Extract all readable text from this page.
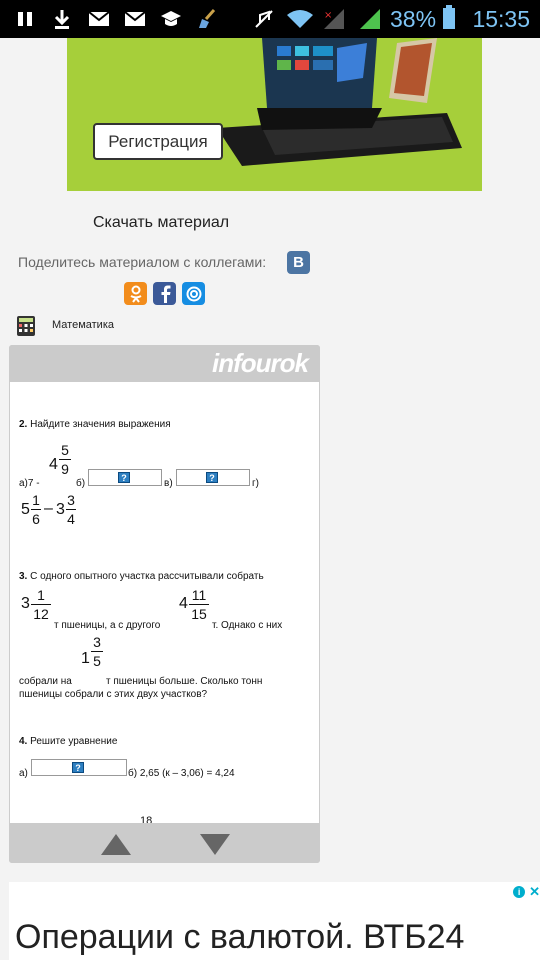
×	38% 15:35
Регистрация
Скачать материал
Поделитесь материалом с коллегами:	В
Математика
infourok
2. Найдите значения выражения
а)7 -
4
5
9
б)
?
в)
?
г)
5
1
6
– 3
3
4
3. С одного опытного участка рассчитывали собрать
3 1
12
т пшеницы, а с другого
4 11
15
т. Однако с них
собрали на
1
3
5
т пшеницы больше. Сколько тонн
пшеницы собрали с этих двух участков?
4. Решите уравнение
а)
?
б) 2,65 (к – 3,06) = 4,24
18
i ✕
Операции с валютой. ВТБ24
